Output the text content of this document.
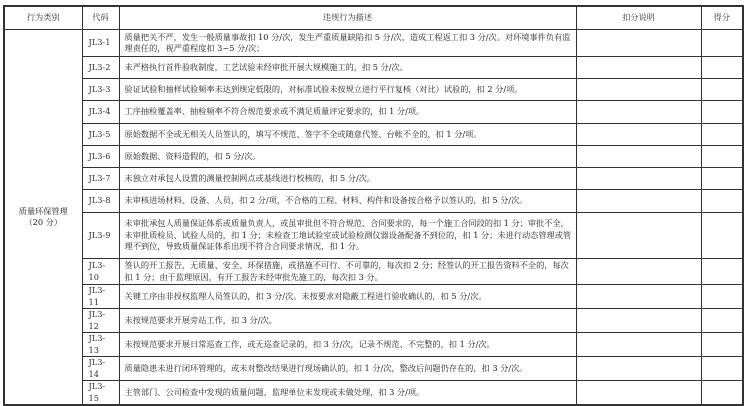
行为类别	代码	违规行为描述	扣分说明	得分

质量环保管理
（20 分）	JL3-1	质量把关不严，发生一般质量事故扣 10 分/次，发生严重质量缺陷扣 5 分/次，造成工程返工扣 3 分/次。对环境事件负有监理责任的，视严重程度扣 3~5 分/次；		
	JL3-2	未严格执行首件验收制度，工艺试验未经审批开展大规模施工的，扣 5 分/次。		
	JL3-3	验证试验和抽样试验频率未达到规定低限的，对标准试验未按规立进行平行复核（对比）试验的，扣 2 分/项。		
	JL3-4	工序抽检覆盖率、抽检频率不符合规范要求或不满足质量评定要求的，扣 1 分/项。		
	JL3-5	原始数据不全或无相关人员签认的，填写不规范、签字不全或随意代签、台帐不全的，扣 1 分/项。		
	JL3-6	原始数据、资料造假的，扣 5 分/次。		
	JL3-7	未独立对承包人设置的测量控制网点或基线进行校核的，扣 5 分/次。		
	JL3-8	未审核进场材料、设备、人员，扣 2 分/项，不合格的工程、材料、构件和设备按合格予以签认的，扣 5 分/次。		
	JL3-9	未审批承包人质量保证体系或质量负责人，或虽审批但不符合规范、合同要求的，每一个施工合同段的扣 1 分；审批不全，未审批质检员、试验人员的，扣 1 分；未检查工地试验室或试验检测仪器设备配备不到位的，扣 1 分；未进行动态管理或管理不到位，导致质量保证体系出现不符合合同要求情况，扣 1 分。		
	JL3-10	签认的开工报告，无质量、安全、环保措施，或措施不可行、不可靠的，每次扣 2 分；经签认的开工报告资料不全的，每次扣 1 分；由于监理原因，有开工报告未经审批先施工的，每次扣 3 分。		
	JL3-11	关键工序由非授权监理人员签认的，扣 3 分/次。未按要求对隐蔽工程进行验收确认的，扣 5 分/次。		
	JL3-12	未按规范要求开展旁站工作，扣 3 分/次。		
	JL3-13	未按规范要求开展日常巡查工作，或无巡查记录的，扣 3 分/次，记录不规范、不完整的，扣 1 分/次。		
	JL3-14	质量隐患未进行闭环管理的，或未对整改结果进行现场确认的，扣 1 分/次，整改后问题仍存在的，扣 3 分/次。		
	JL3-15	主管部门、公司检查中发现的质量问题，监理单位未发现或未做处理，扣 3 分/项。		
